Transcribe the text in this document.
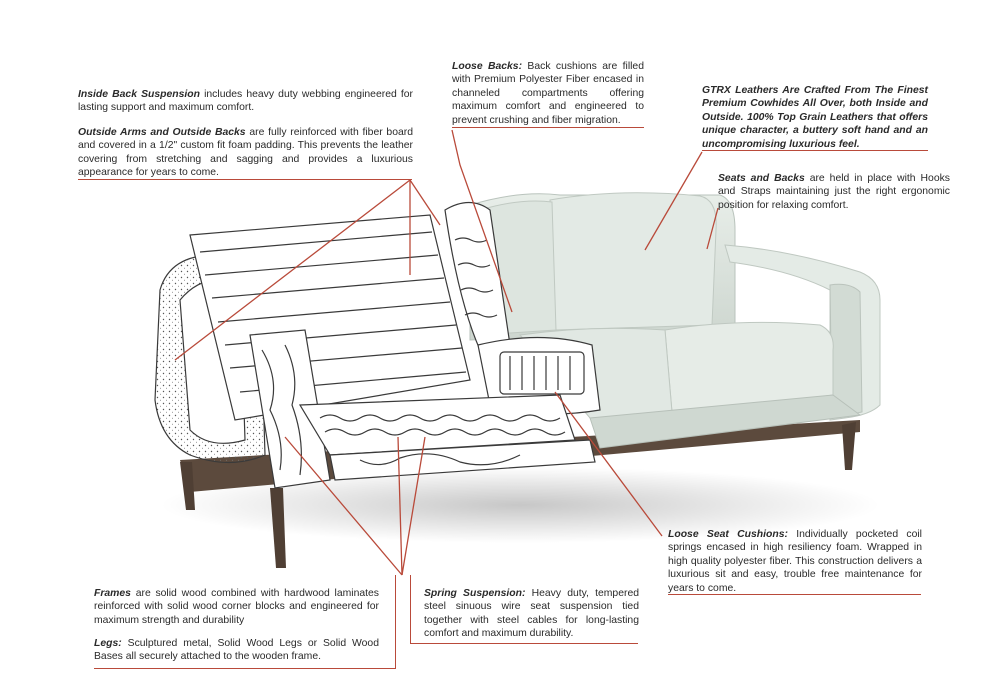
Inside Back Suspension includes heavy duty webbing engineered for lasting support and maximum comfort.
Outside Arms and Outside Backs are fully reinforced with fiber board and covered in a 1/2" custom fit foam padding. This prevents the leather covering from stretching and sagging and provides a luxurious appearance for years to come.
Loose Backs: Back cushions are filled with Premium Polyester Fiber encased in channeled compartments offering maximum comfort and engineered to prevent crushing and fiber migration.
GTRX Leathers Are Crafted From The Finest Premium Cowhides All Over, both Inside and Outside. 100% Top Grain Leathers that offers unique character, a buttery soft hand and an uncompromising luxurious feel.
Seats and Backs are held in place with Hooks and Straps maintaining just the right ergonomic position for relaxing comfort.
Loose Seat Cushions: Individually pocketed coil springs encased in high resiliency foam. Wrapped in high quality polyester fiber. This construction delivers a luxurious sit and easy, trouble free maintenance for years to come.
Frames are solid wood combined with hardwood laminates reinforced with solid wood corner blocks and engineered for maximum strength and durability
Legs: Sculptured metal, Solid Wood Legs or Solid Wood Bases all securely attached to the wooden frame.
Spring Suspension: Heavy duty, tempered steel sinuous wire seat suspension tied together with steel cables for long-lasting comfort and maximum durability.
